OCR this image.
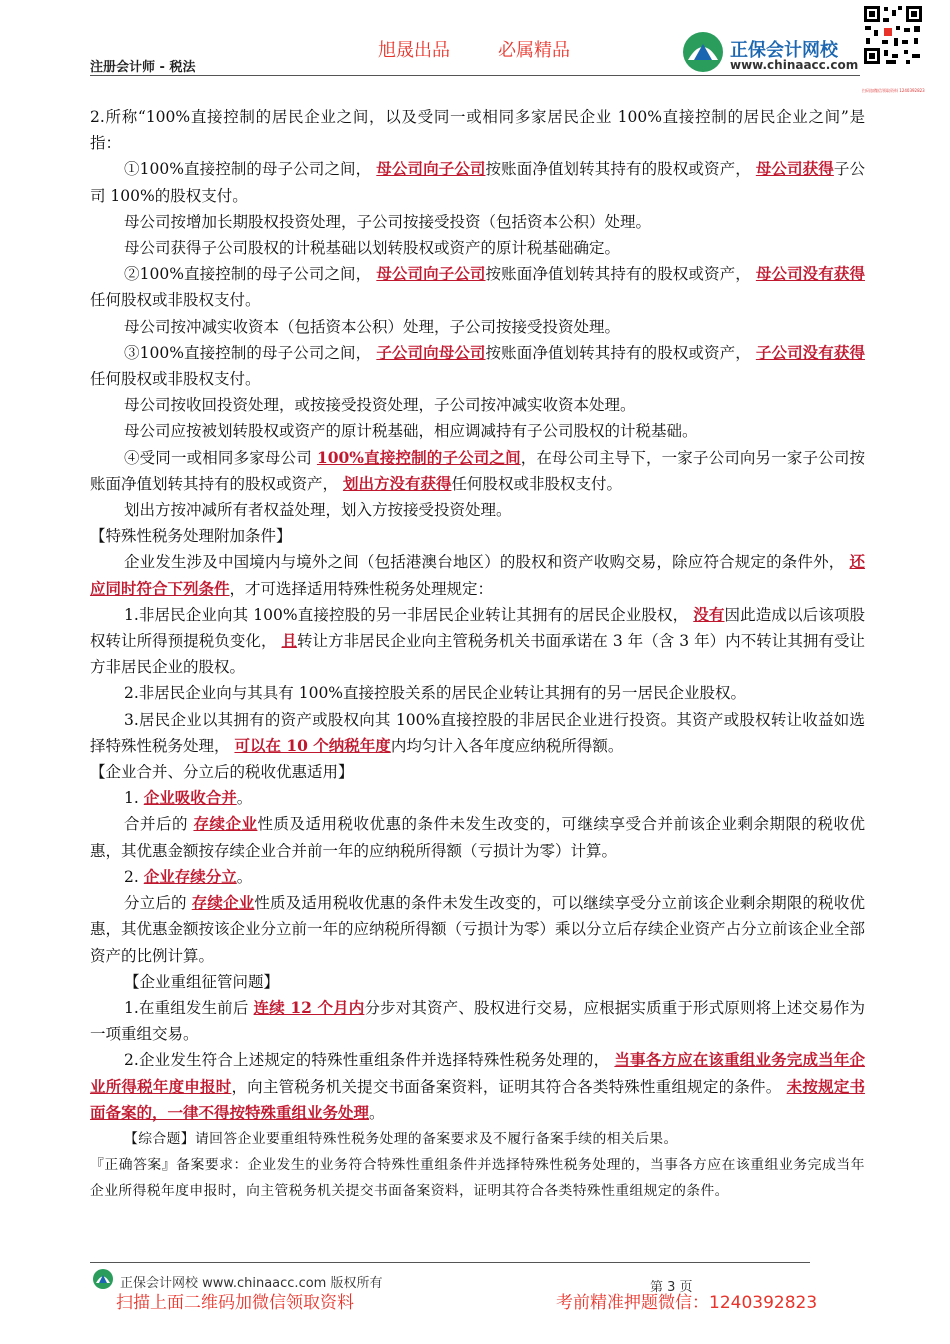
旭晟出品	必属精品
注册会计师 - 税法
正保会计网校
www.chinaacc.com
扫码加微信领取资料 1240392823

2.所称“100%直接控制的居民企业之间，以及受同一或相同多家居民企业 100%直接控制的居民企业之间”是指：

①100%直接控制的母子公司之间， 母公司向子公司按账面净值划转其持有的股权或资产， 母公司获得子公司 100%的股权支付。

母公司按增加长期股权投资处理，子公司按接受投资（包括资本公积）处理。

母公司获得子公司股权的计税基础以划转股权或资产的原计税基础确定。

②100%直接控制的母子公司之间， 母公司向子公司按账面净值划转其持有的股权或资产， 母公司没有获得任何股权或非股权支付。

母公司按冲减实收资本（包括资本公积）处理，子公司按接受投资处理。

③100%直接控制的母子公司之间， 子公司向母公司按账面净值划转其持有的股权或资产， 子公司没有获得任何股权或非股权支付。

母公司按收回投资处理，或按接受投资处理，子公司按冲减实收资本处理。

母公司应按被划转股权或资产的原计税基础，相应调减持有子公司股权的计税基础。

④受同一或相同多家母公司 100%直接控制的子公司之间，在母公司主导下，一家子公司向另一家子公司按账面净值划转其持有的股权或资产， 划出方没有获得任何股权或非股权支付。

划出方按冲减所有者权益处理，划入方按接受投资处理。

【特殊性税务处理附加条件】

企业发生涉及中国境内与境外之间（包括港澳台地区）的股权和资产收购交易，除应符合规定的条件外， 还应同时符合下列条件，才可选择适用特殊性税务处理规定：

1.非居民企业向其 100%直接控股的另一非居民企业转让其拥有的居民企业股权， 没有因此造成以后该项股权转让所得预提税负变化， 且转让方非居民企业向主管税务机关书面承诺在 3 年（含 3 年）内不转让其拥有受让方非居民企业的股权。

2.非居民企业向与其具有 100%直接控股关系的居民企业转让其拥有的另一居民企业股权。

3.居民企业以其拥有的资产或股权向其 100%直接控股的非居民企业进行投资。其资产或股权转让收益如选择特殊性税务处理， 可以在 10 个纳税年度内均匀计入各年度应纳税所得额。

【企业合并、分立后的税收优惠适用】

1. 企业吸收合并。

合并后的 存续企业性质及适用税收优惠的条件未发生改变的，可继续享受合并前该企业剩余期限的税收优惠，其优惠金额按存续企业合并前一年的应纳税所得额（亏损计为零）计算。

2. 企业存续分立。

分立后的 存续企业性质及适用税收优惠的条件未发生改变的，可以继续享受分立前该企业剩余期限的税收优惠，其优惠金额按该企业分立前一年的应纳税所得额（亏损计为零）乘以分立后存续企业资产占分立前该企业全部资产的比例计算。

【企业重组征管问题】

1.在重组发生前后 连续 12 个月内分步对其资产、股权进行交易，应根据实质重于形式原则将上述交易作为一项重组交易。

2.企业发生符合上述规定的特殊性重组条件并选择特殊性税务处理的， 当事各方应在该重组业务完成当年企业所得税年度申报时，向主管税务机关提交书面备案资料，证明其符合各类特殊性重组规定的条件。 未按规定书面备案的，一律不得按特殊重组业务处理。

【综合题】请回答企业要重组特殊性税务处理的备案要求及不履行备案手续的相关后果。

『正确答案』备案要求：企业发生的业务符合特殊性重组条件并选择特殊性税务处理的，当事各方应在该重组业务完成当年企业所得税年度申报时，向主管税务机关提交书面备案资料，证明其符合各类特殊性重组规定的条件。

正保会计网校 www.chinaacc.com 版权所有	第 3 页
扫描上面二维码加微信领取资料	考前精准押题微信：1240392823
